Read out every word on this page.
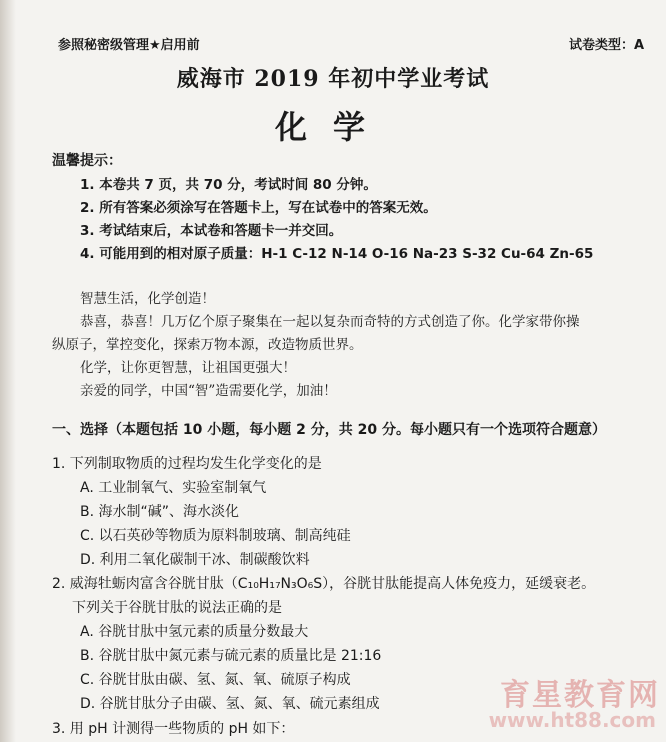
参照秘密级管理★启用前	试卷类型：A
威海市 2019 年初中学业考试
化学
温馨提示：
1. 本卷共 7 页，共 70 分，考试时间 80 分钟。
2. 所有答案必须涂写在答题卡上，写在试卷中的答案无效。
3. 考试结束后，本试卷和答题卡一并交回。
4. 可能用到的相对原子质量：H-1 C-12 N-14 O-16 Na-23 S-32 Cu-64 Zn-65
智慧生活，化学创造！
恭喜，恭喜！几万亿个原子聚集在一起以复杂而奇特的方式创造了你。化学家带你操
纵原子，掌控变化，探索万物本源，改造物质世界。
化学，让你更智慧，让祖国更强大！
亲爱的同学，中国“智”造需要化学，加油！
一、选择（本题包括 10 小题，每小题 2 分，共 20 分。每小题只有一个选项符合题意）
1. 下列制取物质的过程均发生化学变化的是
A. 工业制氧气、实验室制氧气
B. 海水制“碱”、海水淡化
C. 以石英砂等物质为原料制玻璃、制高纯硅
D. 利用二氧化碳制干冰、制碳酸饮料
2. 威海牡蛎肉富含谷胱甘肽（C₁₀H₁₇N₃O₆S），谷胱甘肽能提高人体免疫力，延缓衰老。
下列关于谷胱甘肽的说法正确的是
A. 谷胱甘肽中氢元素的质量分数最大
B. 谷胱甘肽中氮元素与硫元素的质量比是 21:16
C. 谷胱甘肽由碳、氢、氮、氧、硫原子构成
D. 谷胱甘肽分子由碳、氢、氮、氧、硫元素组成
3. 用 pH 计测得一些物质的 pH 如下：
育星教育网
www.ht88.com
